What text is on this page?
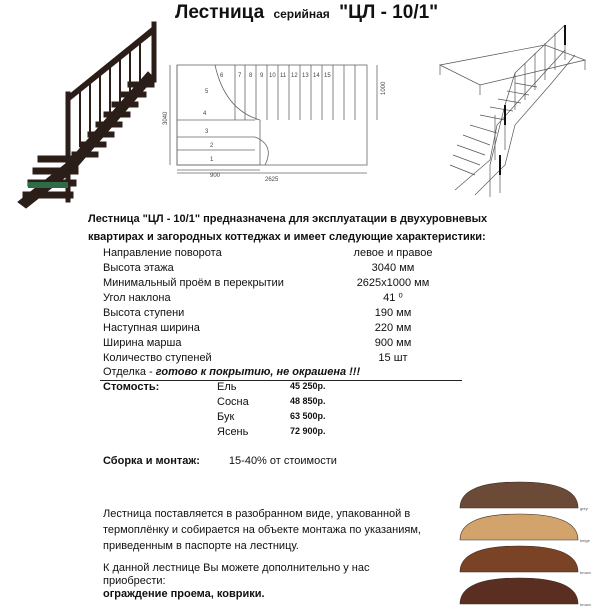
Лестница серийная "ЦЛ - 10/1"
1
2
3
4
5
6 7 8 9 10 11 12 13 14 15
2625
900
1000
3040
Лестница "ЦЛ - 10/1" предназначена для эксплуатации в двухуровневых квартирах и загородных коттеджах и имеет следующие характеристики:
Направление поворота	левое и правое
Высота этажа	3040 мм
Минимальный проём в перекрытии	2625х1000 мм
Угол наклона	41 ⁰
Высота ступени	190 мм
Наступная ширина	220 мм
Ширина марша	900 мм
Количество ступеней	15 шт
Отделка - готово к покрытию, не окрашена !!!
Стомость:	Ель	45 250р.
Сосна	48 850р.
Бук	63 500р.
Ясень	72 900р.
Сборка и монтаж:	15-40% от стоимости
Лестница поставляется в разобранном виде, упакованной в термоплёнку и собирается на объекте монтажа по указаниям, приведенным в паспорте на лестницу.
К данной лестнице Вы можете дополнительно у нас приобрести:
ограждение проема, коврики.
grey
beige
brown
brown
